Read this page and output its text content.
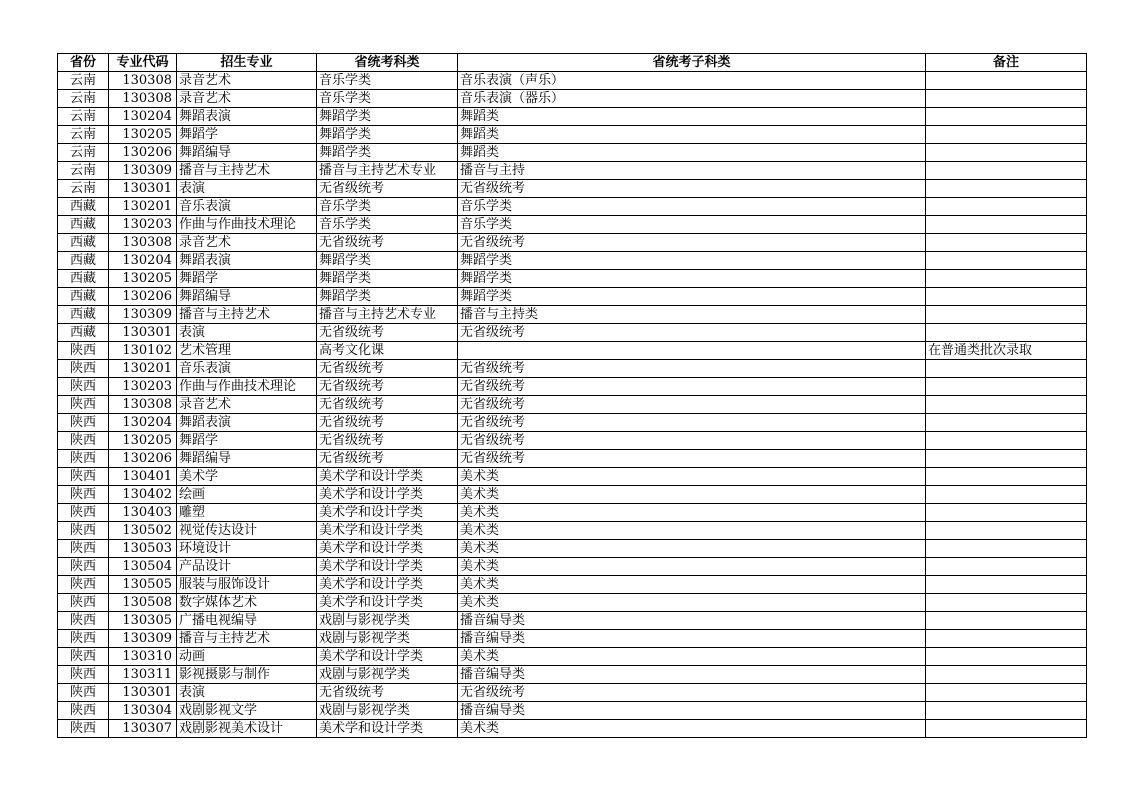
省份	专业代码	招生专业	省统考科类	省统考子科类	备注
云南	130308	录音艺术	音乐学类	音乐表演（声乐）	
云南	130308	录音艺术	音乐学类	音乐表演（器乐）	
云南	130204	舞蹈表演	舞蹈学类	舞蹈类	
云南	130205	舞蹈学	舞蹈学类	舞蹈类	
云南	130206	舞蹈编导	舞蹈学类	舞蹈类	
云南	130309	播音与主持艺术	播音与主持艺术专业	播音与主持	
云南	130301	表演	无省级统考	无省级统考	
西藏	130201	音乐表演	音乐学类	音乐学类	
西藏	130203	作曲与作曲技术理论	音乐学类	音乐学类	
西藏	130308	录音艺术	无省级统考	无省级统考	
西藏	130204	舞蹈表演	舞蹈学类	舞蹈学类	
西藏	130205	舞蹈学	舞蹈学类	舞蹈学类	
西藏	130206	舞蹈编导	舞蹈学类	舞蹈学类	
西藏	130309	播音与主持艺术	播音与主持艺术专业	播音与主持类	
西藏	130301	表演	无省级统考	无省级统考	
陕西	130102	艺术管理	高考文化课		在普通类批次录取
陕西	130201	音乐表演	无省级统考	无省级统考	
陕西	130203	作曲与作曲技术理论	无省级统考	无省级统考	
陕西	130308	录音艺术	无省级统考	无省级统考	
陕西	130204	舞蹈表演	无省级统考	无省级统考	
陕西	130205	舞蹈学	无省级统考	无省级统考	
陕西	130206	舞蹈编导	无省级统考	无省级统考	
陕西	130401	美术学	美术学和设计学类	美术类	
陕西	130402	绘画	美术学和设计学类	美术类	
陕西	130403	雕塑	美术学和设计学类	美术类	
陕西	130502	视觉传达设计	美术学和设计学类	美术类	
陕西	130503	环境设计	美术学和设计学类	美术类	
陕西	130504	产品设计	美术学和设计学类	美术类	
陕西	130505	服装与服饰设计	美术学和设计学类	美术类	
陕西	130508	数字媒体艺术	美术学和设计学类	美术类	
陕西	130305	广播电视编导	戏剧与影视学类	播音编导类	
陕西	130309	播音与主持艺术	戏剧与影视学类	播音编导类	
陕西	130310	动画	美术学和设计学类	美术类	
陕西	130311	影视摄影与制作	戏剧与影视学类	播音编导类	
陕西	130301	表演	无省级统考	无省级统考	
陕西	130304	戏剧影视文学	戏剧与影视学类	播音编导类	
陕西	130307	戏剧影视美术设计	美术学和设计学类	美术类	
